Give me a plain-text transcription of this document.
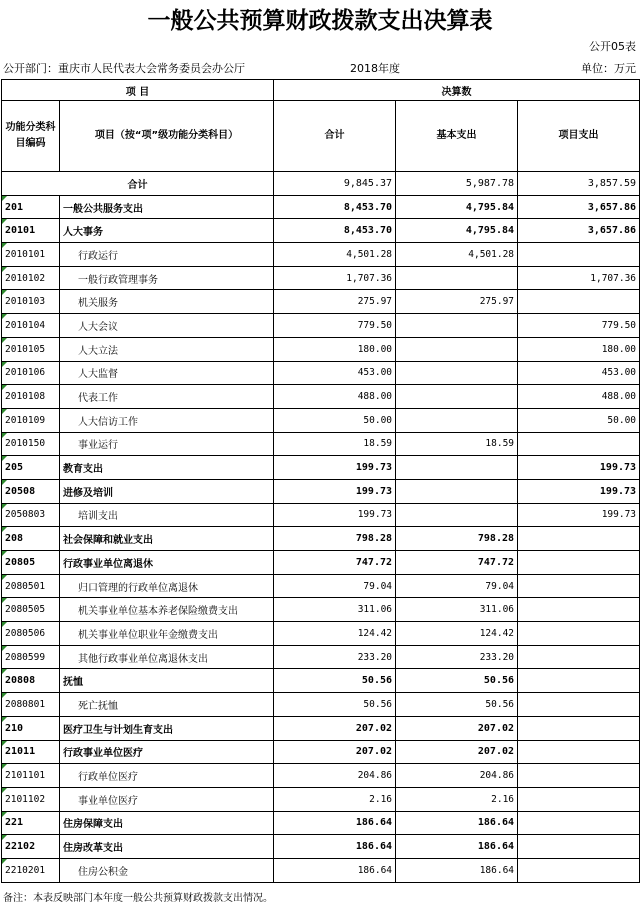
一般公共预算财政拨款支出决算表
公开05表
公开部门：重庆市人民代表大会常务委员会办公厅	2018年度	单位：万元
项 目		决算数		
功能分类科目编码	项目（按“项”级功能分类科目）	合计	基本支出	项目支出
合计		9,845.37	5,987.78	3,857.59
201	一般公共服务支出	8,453.70	4,795.84	3,657.86
20101	人大事务	8,453.70	4,795.84	3,657.86
2010101	行政运行	4,501.28	4,501.28	
2010102	一般行政管理事务	1,707.36		1,707.36
2010103	机关服务	275.97	275.97	
2010104	人大会议	779.50		779.50
2010105	人大立法	180.00		180.00
2010106	人大监督	453.00		453.00
2010108	代表工作	488.00		488.00
2010109	人大信访工作	50.00		50.00
2010150	事业运行	18.59	18.59	
205	教育支出	199.73		199.73
20508	进修及培训	199.73		199.73
2050803	培训支出	199.73		199.73
208	社会保障和就业支出	798.28	798.28	
20805	行政事业单位离退休	747.72	747.72	
2080501	归口管理的行政单位离退休	79.04	79.04	
2080505	机关事业单位基本养老保险缴费支出	311.06	311.06	
2080506	机关事业单位职业年金缴费支出	124.42	124.42	
2080599	其他行政事业单位离退休支出	233.20	233.20	
20808	抚恤	50.56	50.56	
2080801	死亡抚恤	50.56	50.56	
210	医疗卫生与计划生育支出	207.02	207.02	
21011	行政事业单位医疗	207.02	207.02	
2101101	行政单位医疗	204.86	204.86	
2101102	事业单位医疗	2.16	2.16	
221	住房保障支出	186.64	186.64	
22102	住房改革支出	186.64	186.64	
2210201	住房公积金	186.64	186.64	
备注：本表反映部门本年度一般公共预算财政拨款支出情况。
